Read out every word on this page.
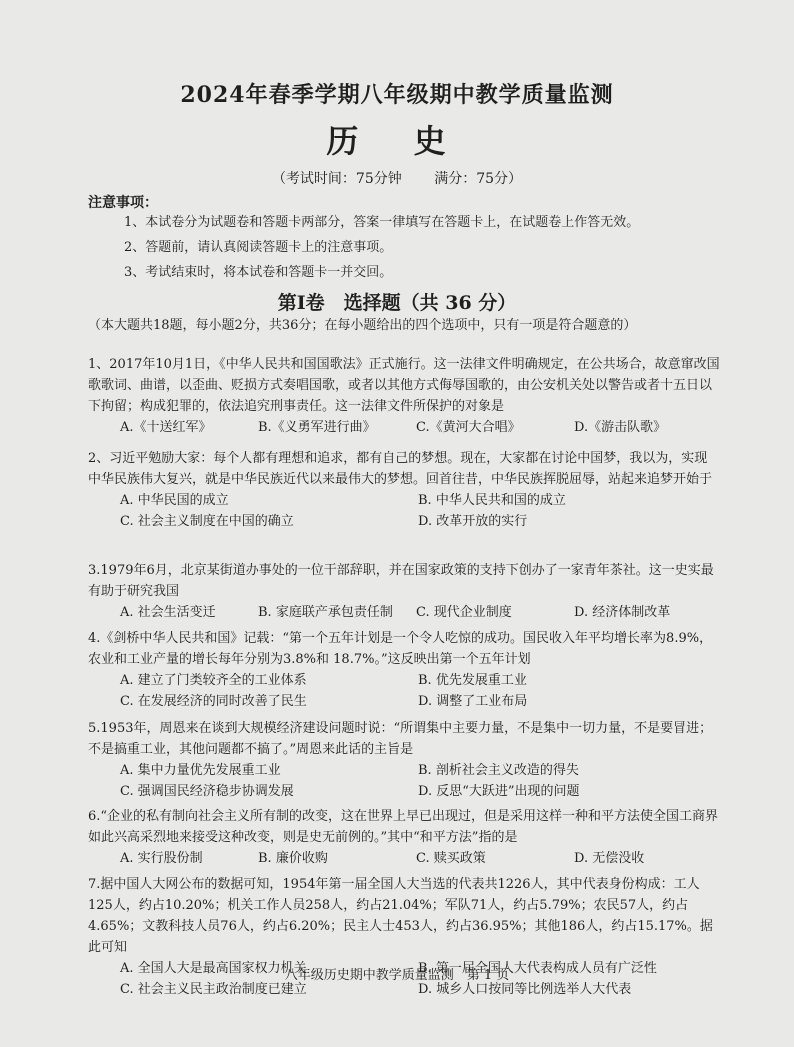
2024年春季学期八年级期中教学质量监测
历 史
（考试时间：75分钟 满分：75分）
注意事项：
1、本试卷分为试题卷和答题卡两部分，答案一律填写在答题卡上，在试题卷上作答无效。
2、答题前，请认真阅读答题卡上的注意事项。
3、考试结束时，将本试卷和答题卡一并交回。
第Ⅰ卷　选择题（共 36 分）
（本大题共18题，每小题2分，共36分；在每小题给出的四个选项中，只有一项是符合题意的）
1、2017年10月1日，《中华人民共和国国歌法》正式施行。这一法律文件明确规定，在公共场合，故意窜改国歌歌词、曲谱，以歪曲、贬损方式奏唱国歌，或者以其他方式侮辱国歌的，由公安机关处以警告或者十五日以下拘留；构成犯罪的，依法追究刑事责任。这一法律文件所保护的对象是
A.《十送红军》	B.《义勇军进行曲》	C.《黄河大合唱》	D.《游击队歌》
2、习近平勉励大家：每个人都有理想和追求，都有自己的梦想。现在，大家都在讨论中国梦，我以为，实现中华民族伟大复兴，就是中华民族近代以来最伟大的梦想。回首往昔，中华民族挥脱屈辱，站起来追梦开始于
A. 中华民国的成立	B. 中华人民共和国的成立
C. 社会主义制度在中国的确立	D. 改革开放的实行
3.1979年6月，北京某街道办事处的一位干部辞职，并在国家政策的支持下创办了一家青年茶社。这一史实最有助于研究我国
A. 社会生活变迁	B. 家庭联产承包责任制	C. 现代企业制度	D. 经济体制改革
4.《剑桥中华人民共和国》记载：“第一个五年计划是一个令人吃惊的成功。国民收入年平均增长率为8.9%，农业和工业产量的增长每年分别为3.8%和 18.7%。”这反映出第一个五年计划
A. 建立了门类较齐全的工业体系	B. 优先发展重工业
C. 在发展经济的同时改善了民生	D. 调整了工业布局
5.1953年，周恩来在谈到大规模经济建设问题时说：“所谓集中主要力量，不是集中一切力量，不是要冒进；不是搞重工业，其他问题都不搞了。”周恩来此话的主旨是
A. 集中力量优先发展重工业	B. 剖析社会主义改造的得失
C. 强调国民经济稳步协调发展	D. 反思“大跃进”出现的问题
6.“企业的私有制向社会主义所有制的改变，这在世界上早已出现过，但是采用这样一种和平方法使全国工商界如此兴高采烈地来接受这种改变，则是史无前例的。”其中“和平方法”指的是
A. 实行股份制	B. 廉价收购	C. 赎买政策	D. 无偿没收
7.据中国人大网公布的数据可知，1954年第一届全国人大当选的代表共1226人，其中代表身份构成：工人125人，约占10.20%；机关工作人员258人，约占21.04%；军队71人，约占5.79%；农民57人，约占4.65%；文教科技人员76人，约占6.20%；民主人士453人，约占36.95%；其他186人，约占15.17%。据此可知
A. 全国人大是最高国家权力机关	B. 第一届全国人大代表构成人员有广泛性
C. 社会主义民主政治制度已建立	D. 城乡人口按同等比例选举人大代表
八年级历史期中教学质量监测　第 1 页
